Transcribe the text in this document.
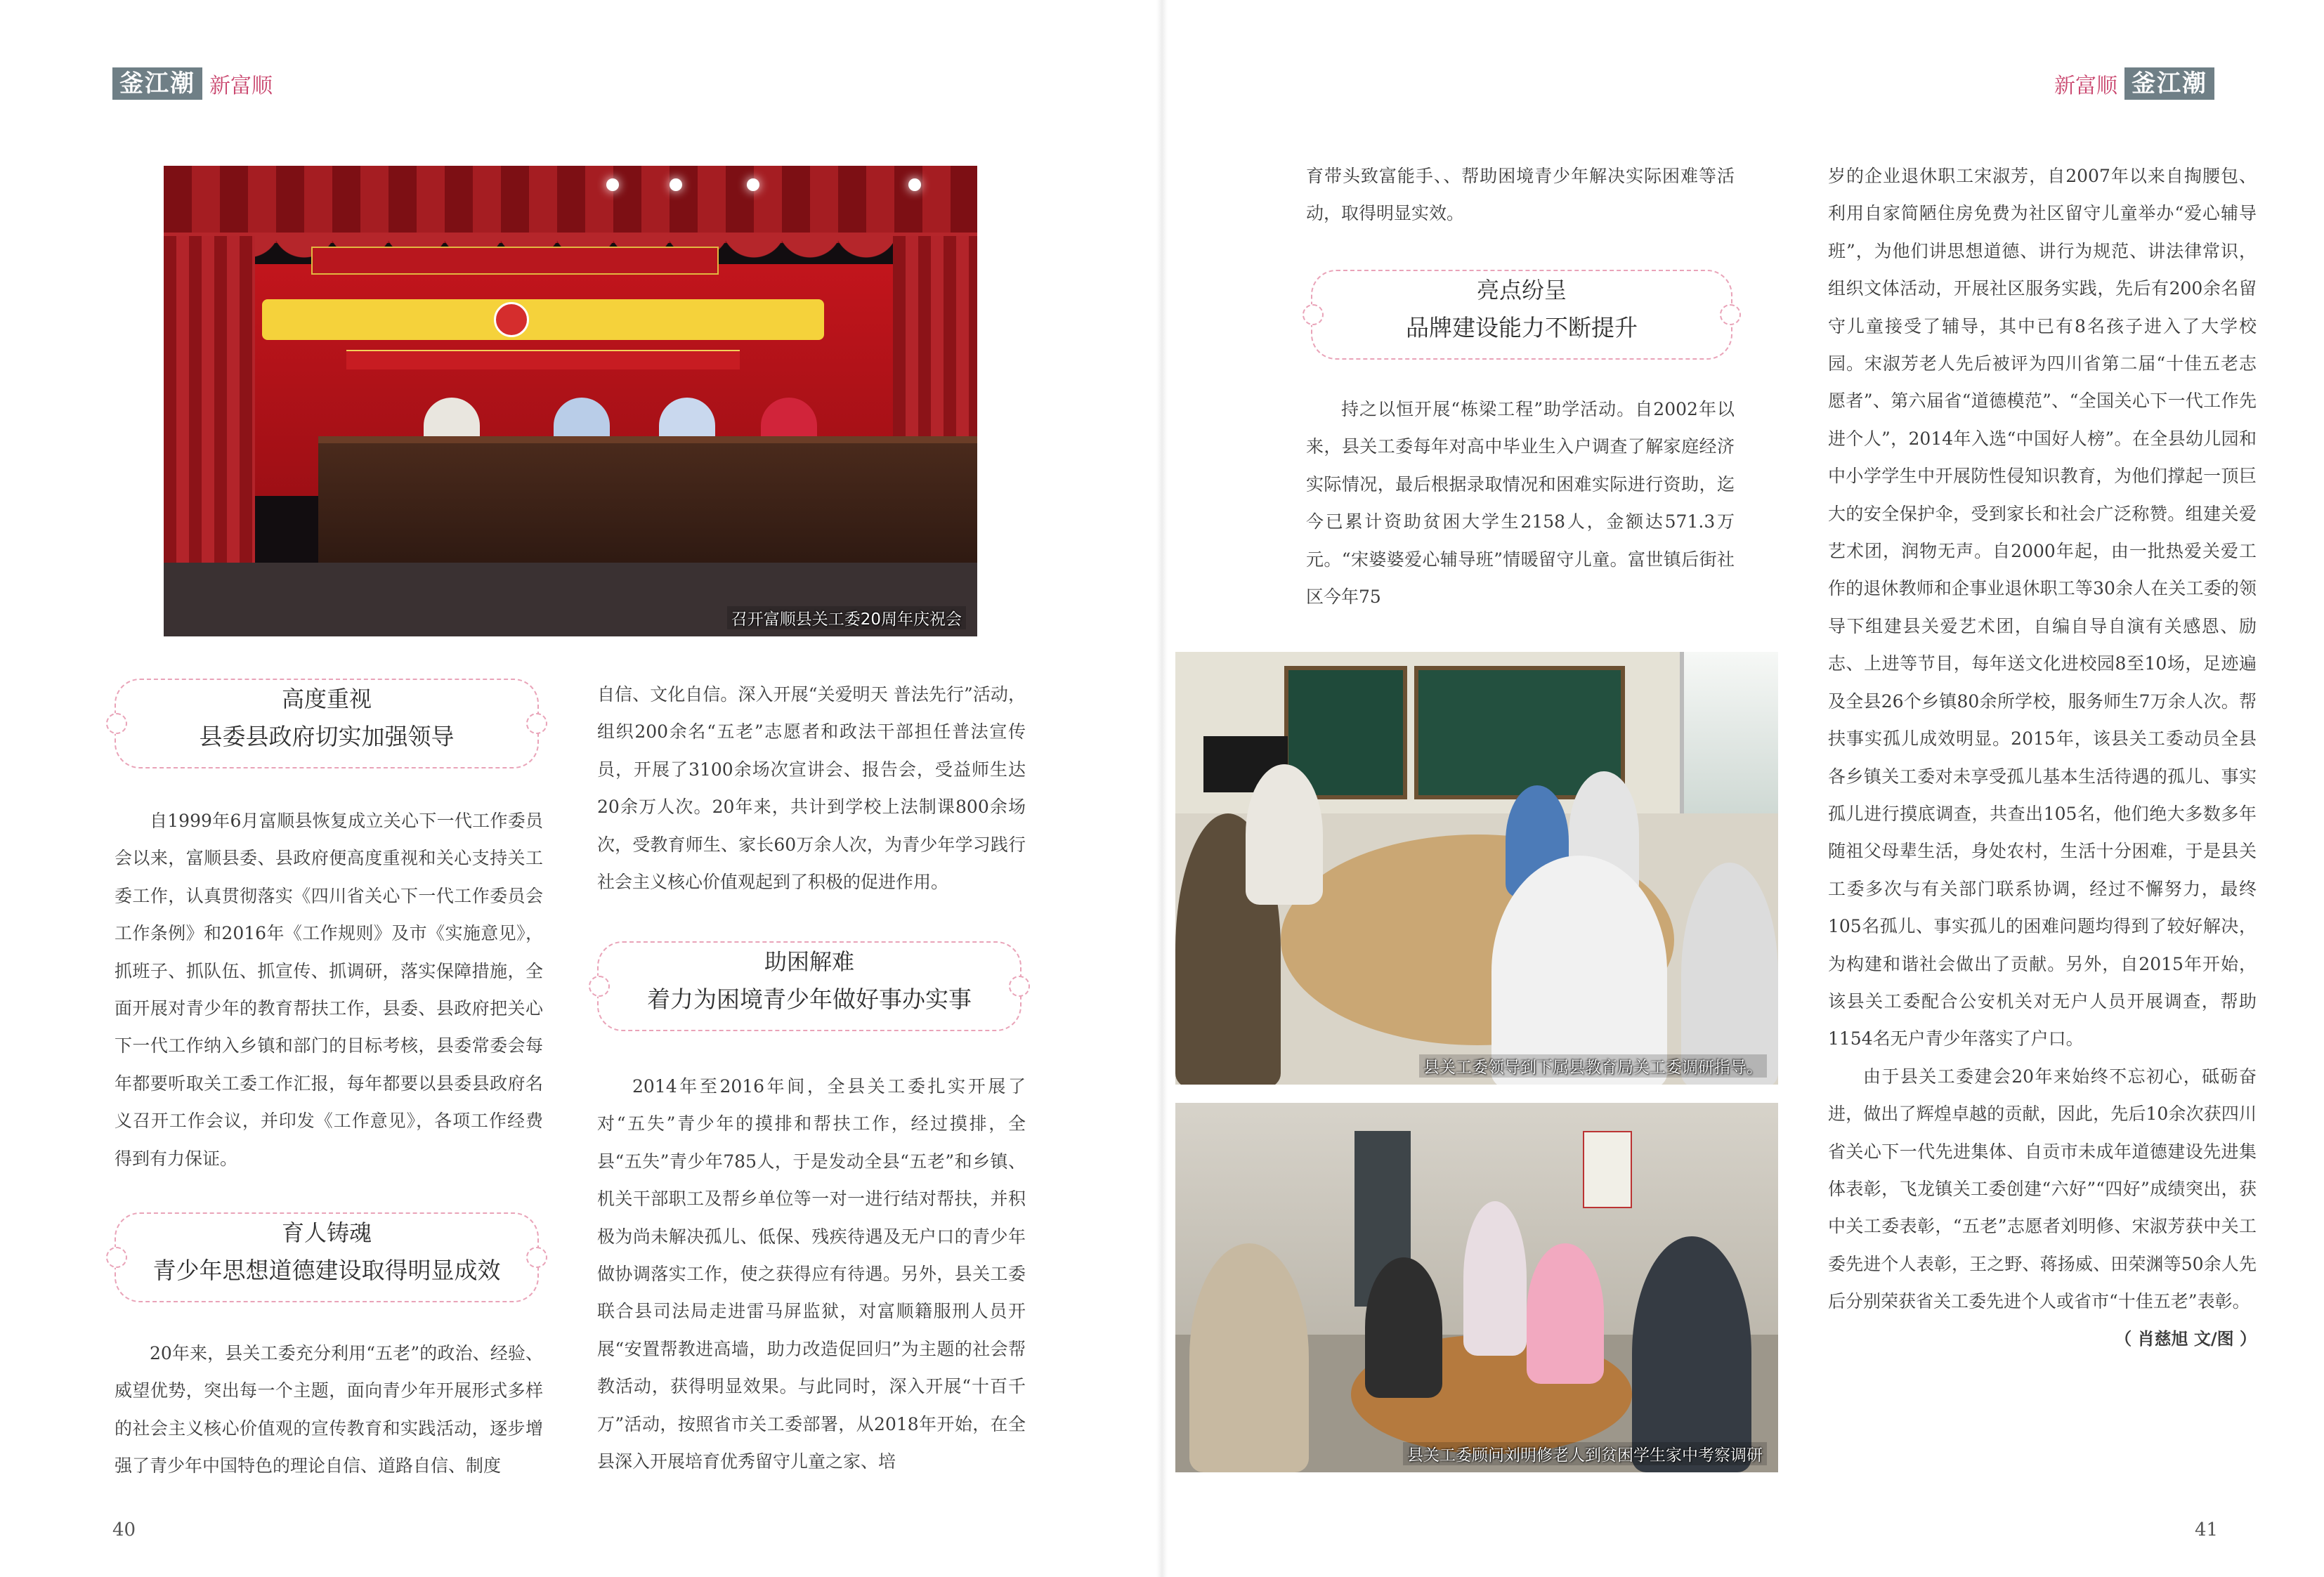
釜江潮 新富顺
召开富顺县关工委20周年庆祝会
高度重视
县委县政府切实加强领导

自1999年6月富顺县恢复成立关心下一代工作委员会以来，富顺县委、县政府便高度重视和关心支持关工委工作，认真贯彻落实《四川省关心下一代工作委员会工作条例》和2016年《工作规则》及市《实施意见》，抓班子、抓队伍、抓宣传、抓调研，落实保障措施，全面开展对青少年的教育帮扶工作，县委、县政府把关心下一代工作纳入乡镇和部门的目标考核，县委常委会每年都要听取关工委工作汇报，每年都要以县委县政府名义召开工作会议，并印发《工作意见》，各项工作经费得到有力保证。

育人铸魂
青少年思想道德建设取得明显成效

20年来，县关工委充分利用“五老”的政治、经验、威望优势，突出每一个主题，面向青少年开展形式多样的社会主义核心价值观的宣传教育和实践活动，逐步增强了青少年中国特色的理论自信、道路自信、制度

自信、文化自信。深入开展“关爱明天 普法先行”活动，组织200余名“五老”志愿者和政法干部担任普法宣传员，开展了3100余场次宣讲会、报告会，受益师生达20余万人次。20年来，共计到学校上法制课800余场次，受教育师生、家长60万余人次，为青少年学习践行社会主义核心价值观起到了积极的促进作用。

助困解难
着力为困境青少年做好事办实事

2014年至2016年间，全县关工委扎实开展了对“五失”青少年的摸排和帮扶工作，经过摸排，全县“五失”青少年785人，于是发动全县“五老”和乡镇、机关干部职工及帮乡单位等一对一进行结对帮扶，并积极为尚未解决孤儿、低保、残疾待遇及无户口的青少年做协调落实工作，使之获得应有待遇。另外，县关工委联合县司法局走进雷马屏监狱，对富顺籍服刑人员开展“安置帮教进高墙，助力改造促回归”为主题的社会帮教活动，获得明显效果。与此同时，深入开展“十百千万”活动，按照省市关工委部署，从2018年开始，在全县深入开展培育优秀留守儿童之家、培

40
新富顺 釜江潮

育带头致富能手、、帮助困境青少年解决实际困难等活动，取得明显实效。

亮点纷呈
品牌建设能力不断提升

持之以恒开展“栋梁工程”助学活动。自2002年以来，县关工委每年对高中毕业生入户调查了解家庭经济实际情况，最后根据录取情况和困难实际进行资助，迄今已累计资助贫困大学生2158人，金额达571.3万元。“宋婆婆爱心辅导班”情暖留守儿童。富世镇后街社区今年75

县关工委领导到下属县教育局关工委调研指导。
县关工委顾问刘明修老人到贫困学生家中考察调研

岁的企业退休职工宋淑芳，自2007年以来自掏腰包、利用自家简陋住房免费为社区留守儿童举办“爱心辅导班”，为他们讲思想道德、讲行为规范、讲法律常识，组织文体活动，开展社区服务实践，先后有200余名留守儿童接受了辅导，其中已有8名孩子进入了大学校园。宋淑芳老人先后被评为四川省第二届“十佳五老志愿者”、第六届省“道德模范”、“全国关心下一代工作先进个人”，2014年入选“中国好人榜”。在全县幼儿园和中小学学生中开展防性侵知识教育，为他们撑起一顶巨大的安全保护伞，受到家长和社会广泛称赞。组建关爱艺术团，润物无声。自2000年起，由一批热爱关爱工作的退休教师和企事业退休职工等30余人在关工委的领导下组建县关爱艺术团，自编自导自演有关感恩、励志、上进等节目，每年送文化进校园8至10场，足迹遍及全县26个乡镇80余所学校，服务师生7万余人次。帮扶事实孤儿成效明显。2015年，该县关工委动员全县各乡镇关工委对未享受孤儿基本生活待遇的孤儿、事实孤儿进行摸底调查，共查出105名，他们绝大多数多年随祖父母辈生活，身处农村，生活十分困难，于是县关工委多次与有关部门联系协调，经过不懈努力，最终105名孤儿、事实孤儿的困难问题均得到了较好解决，为构建和谐社会做出了贡献。另外，自2015年开始，该县关工委配合公安机关对无户人员开展调查，帮助1154名无户青少年落实了户口。

由于县关工委建会20年来始终不忘初心，砥砺奋进，做出了辉煌卓越的贡献，因此，先后10余次获四川省关心下一代先进集体、自贡市未成年道德建设先进集体表彰，飞龙镇关工委创建“六好”“四好”成绩突出，获中关工委表彰，“五老”志愿者刘明修、宋淑芳获中关工委先进个人表彰，王之野、蒋扬威、田荣渊等50余人先后分别荣获省关工委先进个人或省市“十佳五老”表彰。

（ 肖慈旭 文/图 ）
41
